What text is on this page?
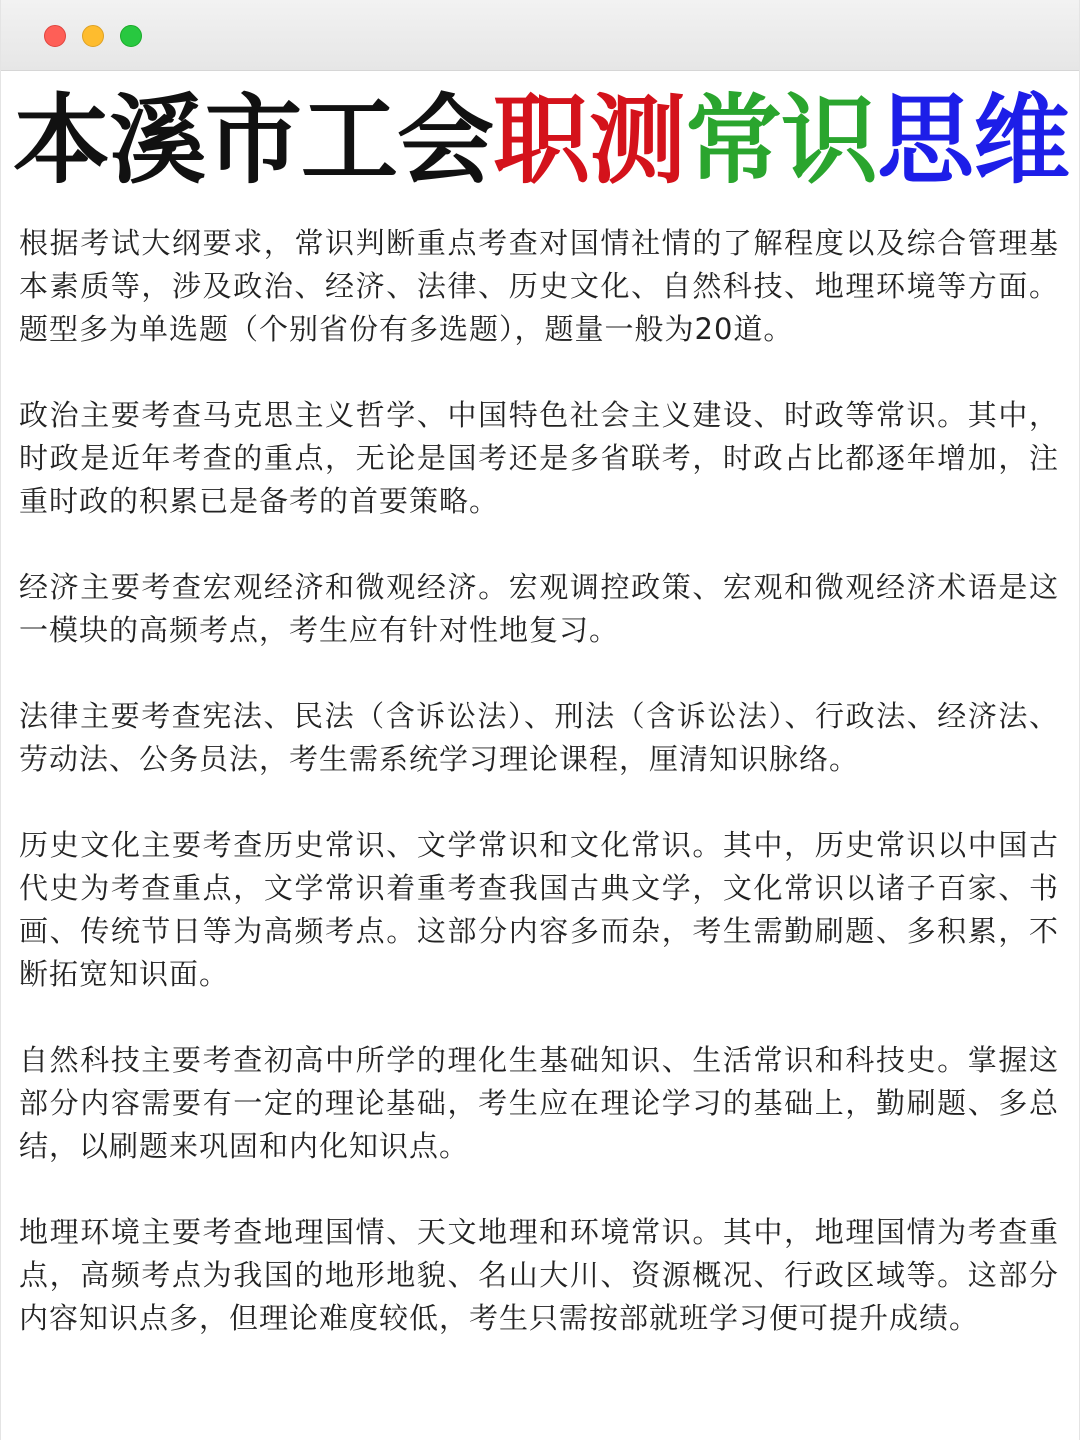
本溪市工会职测常识思维

根据考试大纲要求，常识判断重点考查对国情社情的了解程度以及综合管理基本素质等，涉及政治、经济、法律、历史文化、自然科技、地理环境等方面。题型多为单选题（个别省份有多选题），题量一般为20道。

政治主要考查马克思主义哲学、中国特色社会主义建设、时政等常识。其中，时政是近年考查的重点，无论是国考还是多省联考，时政占比都逐年增加，注重时政的积累已是备考的首要策略。

经济主要考查宏观经济和微观经济。宏观调控政策、宏观和微观经济术语是这一模块的高频考点，考生应有针对性地复习。

法律主要考查宪法、民法（含诉讼法）、刑法（含诉讼法）、行政法、经济法、劳动法、公务员法，考生需系统学习理论课程，厘清知识脉络。

历史文化主要考查历史常识、文学常识和文化常识。其中，历史常识以中国古代史为考查重点，文学常识着重考查我国古典文学，文化常识以诸子百家、书画、传统节日等为高频考点。这部分内容多而杂，考生需勤刷题、多积累，不断拓宽知识面。

自然科技主要考查初高中所学的理化生基础知识、生活常识和科技史。掌握这部分内容需要有一定的理论基础，考生应在理论学习的基础上，勤刷题、多总结，以刷题来巩固和内化知识点。

地理环境主要考查地理国情、天文地理和环境常识。其中，地理国情为考查重点，高频考点为我国的地形地貌、名山大川、资源概况、行政区域等。这部分内容知识点多，但理论难度较低，考生只需按部就班学习便可提升成绩。
